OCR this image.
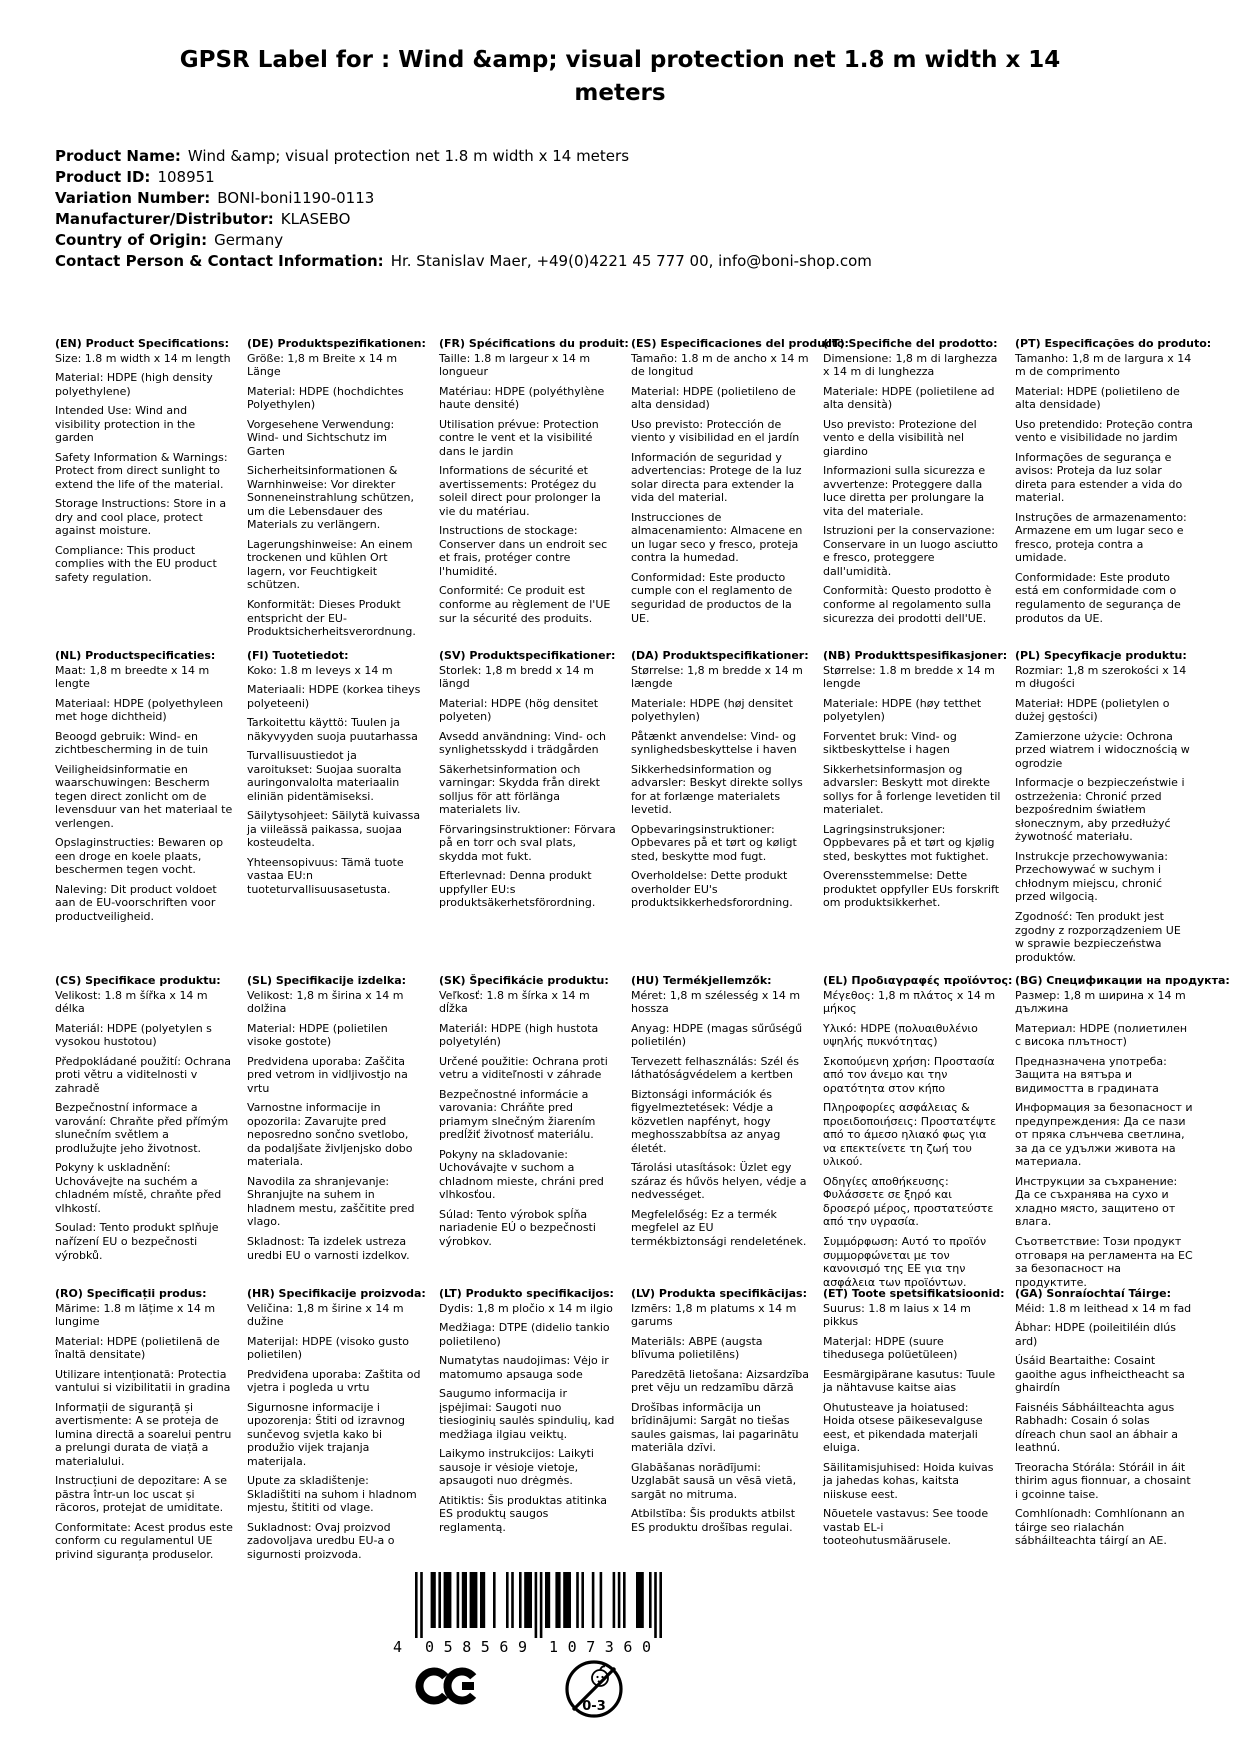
GPSR Label for : Wind &amp; visual protection net 1.8 m width x 14 meters
Product Name: Wind &amp; visual protection net 1.8 m width x 14 meters
Product ID: 108951
Variation Number: BONI-boni1190-0113
Manufacturer/Distributor: KLASEBO
Country of Origin: Germany
Contact Person & Contact Information: Hr. Stanislav Maer, +49(0)4221 45 777 00, info@boni-shop.com
(EN) Product Specifications:

Size: 1.8 m width x 14 m length

Material: HDPE (high density polyethylene)

Intended Use: Wind and visibility protection in the garden

Safety Information & Warnings: Protect from direct sunlight to extend the life of the material.

Storage Instructions: Store in a dry and cool place, protect against moisture.

Compliance: This product complies with the EU product safety regulation.

(DE) Produktspezifikationen:

Größe: 1,8 m Breite x 14 m Länge

Material: HDPE (hochdichtes Polyethylen)

Vorgesehene Verwendung: Wind- und Sichtschutz im Garten

Sicherheitsinformationen & Warnhinweise: Vor direkter Sonneneinstrahlung schützen, um die Lebensdauer des Materials zu verlängern.

Lagerungshinweise: An einem trockenen und kühlen Ort lagern, vor Feuchtigkeit schützen.

Konformität: Dieses Produkt entspricht der EU-Produktsicherheitsverordnung.

(FR) Spécifications du produit:

Taille: 1.8 m largeur x 14 m longueur

Matériau: HDPE (polyéthylène haute densité)

Utilisation prévue: Protection contre le vent et la visibilité dans le jardin

Informations de sécurité et avertissements: Protégez du soleil direct pour prolonger la vie du matériau.

Instructions de stockage: Conserver dans un endroit sec et frais, protéger contre l'humidité.

Conformité: Ce produit est conforme au règlement de l'UE sur la sécurité des produits.

(ES) Especificaciones del producto:

Tamaño: 1.8 m de ancho x 14 m de longitud

Material: HDPE (polietileno de alta densidad)

Uso previsto: Protección de viento y visibilidad en el jardín

Información de seguridad y advertencias: Protege de la luz solar directa para extender la vida del material.

Instrucciones de almacenamiento: Almacene en un lugar seco y fresco, proteja contra la humedad.

Conformidad: Este producto cumple con el reglamento de seguridad de productos de la UE.

(IT) Specifiche del prodotto:

Dimensione: 1,8 m di larghezza x 14 m di lunghezza

Materiale: HDPE (polietilene ad alta densità)

Uso previsto: Protezione del vento e della visibilità nel giardino

Informazioni sulla sicurezza e avvertenze: Proteggere dalla luce diretta per prolungare la vita del materiale.

Istruzioni per la conservazione: Conservare in un luogo asciutto e fresco, proteggere dall'umidità.

Conformità: Questo prodotto è conforme al regolamento sulla sicurezza dei prodotti dell'UE.

(PT) Especificações do produto:

Tamanho: 1,8 m de largura x 14 m de comprimento

Material: HDPE (polietileno de alta densidade)

Uso pretendido: Proteção contra vento e visibilidade no jardim

Informações de segurança e avisos: Proteja da luz solar direta para estender a vida do material.

Instruções de armazenamento: Armazene em um lugar seco e fresco, proteja contra a umidade.

Conformidade: Este produto está em conformidade com o regulamento de segurança de produtos da UE.

(NL) Productspecificaties:

Maat: 1,8 m breedte x 14 m lengte

Materiaal: HDPE (polyethyleen met hoge dichtheid)

Beoogd gebruik: Wind- en zichtbescherming in de tuin

Veiligheidsinformatie en waarschuwingen: Bescherm tegen direct zonlicht om de levensduur van het materiaal te verlengen.

Opslaginstructies: Bewaren op een droge en koele plaats, beschermen tegen vocht.

Naleving: Dit product voldoet aan de EU-voorschriften voor productveiligheid.

(FI) Tuotetiedot:

Koko: 1.8 m leveys x 14 m

Materiaali: HDPE (korkea tiheys polyeteeni)

Tarkoitettu käyttö: Tuulen ja näkyvyyden suoja puutarhassa

Turvallisuustiedot ja varoitukset: Suojaa suoralta auringonvalolta materiaalin eliniän pidentämiseksi.

Säilytysohjeet: Säilytä kuivassa ja viileässä paikassa, suojaa kosteudelta.

Yhteensopivuus: Tämä tuote vastaa EU:n tuoteturvallisuusasetusta.

(SV) Produktspecifikationer:

Storlek: 1,8 m bredd x 14 m längd

Material: HDPE (hög densitet polyeten)

Avsedd användning: Vind- och synlighetsskydd i trädgården

Säkerhetsinformation och varningar: Skydda från direkt solljus för att förlänga materialets liv.

Förvaringsinstruktioner: Förvara på en torr och sval plats, skydda mot fukt.

Efterlevnad: Denna produkt uppfyller EU:s produktsäkerhetsförordning.

(DA) Produktspecifikationer:

Størrelse: 1,8 m bredde x 14 m længde

Materiale: HDPE (høj densitet polyethylen)

Påtænkt anvendelse: Vind- og synlighedsbeskyttelse i haven

Sikkerhedsinformation og advarsler: Beskyt direkte sollys for at forlænge materialets levetid.

Opbevaringsinstruktioner: Opbevares på et tørt og køligt sted, beskytte mod fugt.

Overholdelse: Dette produkt overholder EU's produktsikkerhedsforordning.

(NB) Produkttspesifikasjoner:

Størrelse: 1.8 m bredde x 14 m lengde

Materiale: HDPE (høy tetthet polyetylen)

Forventet bruk: Vind- og siktbeskyttelse i hagen

Sikkerhetsinformasjon og advarsler: Beskytt mot direkte sollys for å forlenge levetiden til materialet.

Lagringsinstruksjoner: Oppbevares på et tørt og kjølig sted, beskyttes mot fuktighet.

Overensstemmelse: Dette produktet oppfyller EUs forskrift om produktsikkerhet.

(PL) Specyfikacje produktu:

Rozmiar: 1,8 m szerokości x 14 m długości

Materiał: HDPE (polietylen o dużej gęstości)

Zamierzone użycie: Ochrona przed wiatrem i widocznością w ogrodzie

Informacje o bezpieczeństwie i ostrzeżenia: Chronić przed bezpośrednim światłem słonecznym, aby przedłużyć żywotność materiału.

Instrukcje przechowywania: Przechowywać w suchym i chłodnym miejscu, chronić przed wilgocią.

Zgodność: Ten produkt jest zgodny z rozporządzeniem UE w sprawie bezpieczeństwa produktów.

(CS) Specifikace produktu:

Velikost: 1.8 m šířka x 14 m délka

Materiál: HDPE (polyetylen s vysokou hustotou)

Předpokládané použití: Ochrana proti větru a viditelnosti v zahradě

Bezpečnostní informace a varování: Chraňte před přímým slunečním světlem a prodlužujte jeho životnost.

Pokyny k uskladnění: Uchovávejte na suchém a chladném místě, chraňte před vlhkostí.

Soulad: Tento produkt splňuje nařízení EU o bezpečnosti výrobků.

(SL) Specifikacije izdelka:

Velikost: 1,8 m širina x 14 m dolžina

Material: HDPE (polietilen visoke gostote)

Predvidena uporaba: Zaščita pred vetrom in vidljivostjo na vrtu

Varnostne informacije in opozorila: Zavarujte pred neposredno sončno svetlobo, da podaljšate življenjsko dobo materiala.

Navodila za shranjevanje: Shranjujte na suhem in hladnem mestu, zaščitite pred vlago.

Skladnost: Ta izdelek ustreza uredbi EU o varnosti izdelkov.

(SK) Špecifikácie produktu:

Veľkosť: 1.8 m šírka x 14 m dĺžka

Materiál: HDPE (high hustota polyetylén)

Určené použitie: Ochrana proti vetru a viditeľnosti v záhrade

Bezpečnostné informácie a varovania: Chráňte pred priamym slnečným žiarením predĺžiť životnosť materiálu.

Pokyny na skladovanie: Uchovávajte v suchom a chladnom mieste, chráni pred vlhkosťou.

Súlad: Tento výrobok spĺňa nariadenie EÚ o bezpečnosti výrobkov.

(HU) Termékjellemzők:

Méret: 1,8 m szélesség x 14 m hossza

Anyag: HDPE (magas sűrűségű polietilén)

Tervezett felhasználás: Szél és láthatóságvédelem a kertben

Biztonsági információk és figyelmeztetések: Védje a közvetlen napfényt, hogy meghosszabbítsa az anyag életét.

Tárolási utasítások: Üzlet egy száraz és hűvös helyen, védje a nedvességet.

Megfelelőség: Ez a termék megfelel az EU termékbiztonsági rendeletének.

(EL) Προδιαγραφές προϊόντος:

Μέγεθος: 1,8 m πλάτος x 14 m μήκος

Υλικό: HDPE (πολυαιθυλένιο υψηλής πυκνότητας)

Σκοπούμενη χρήση: Προστασία από τον άνεμο και την ορατότητα στον κήπο

Πληροφορίες ασφάλειας & προειδοποιήσεις: Προστατέψτε από το άμεσο ηλιακό φως για να επεκτείνετε τη ζωή του υλικού.

Οδηγίες αποθήκευσης: Φυλάσσετε σε ξηρό και δροσερό μέρος, προστατεύστε από την υγρασία.

Συμμόρφωση: Αυτό το προϊόν συμμορφώνεται με τον κανονισμό της ΕΕ για την ασφάλεια των προϊόντων.

(BG) Спецификации на продукта:

Размер: 1,8 m ширина x 14 m дължина

Материал: HDPE (полиетилен с висока плътност)

Предназначена употреба: Защита на вятъра и видимостта в градината

Информация за безопасност и предупреждения: Да се пази от пряка слънчева светлина, за да се удължи живота на материала.

Инструкции за съхранение: Да се съхранява на сухо и хладно място, защитено от влага.

Съответствие: Този продукт отговаря на регламента на ЕС за безопасност на продуктите.

(RO) Specificații produs:

Mărime: 1.8 m lățime x 14 m lungime

Material: HDPE (polietilenă de înaltă densitate)

Utilizare intenționată: Protectia vantului si vizibilitatii in gradina

Informații de siguranță și avertismente: A se proteja de lumina directă a soarelui pentru a prelungi durata de viață a materialului.

Instrucțiuni de depozitare: A se păstra într-un loc uscat și răcoros, protejat de umiditate.

Conformitate: Acest produs este conform cu regulamentul UE privind siguranța produselor.

(HR) Specifikacije proizvoda:

Veličina: 1,8 m širine x 14 m dužine

Materijal: HDPE (visoko gusto polietilen)

Predviđena uporaba: Zaštita od vjetra i pogleda u vrtu

Sigurnosne informacije i upozorenja: Štiti od izravnog sunčevog svjetla kako bi produžio vijek trajanja materijala.

Upute za skladištenje: Skladištiti na suhom i hladnom mjestu, štititi od vlage.

Sukladnost: Ovaj proizvod zadovoljava uredbu EU-a o sigurnosti proizvoda.

(LT) Produkto specifikacijos:

Dydis: 1,8 m pločio x 14 m ilgio

Medžiaga: DTPE (didelio tankio polietileno)

Numatytas naudojimas: Vėjo ir matomumo apsauga sode

Saugumo informacija ir įspėjimai: Saugoti nuo tiesioginių saulės spindulių, kad medžiaga ilgiau veiktų.

Laikymo instrukcijos: Laikyti sausoje ir vėsioje vietoje, apsaugoti nuo drėgmės.

Atitiktis: Šis produktas atitinka ES produktų saugos reglamentą.

(LV) Produkta specifikācijas:

Izmērs: 1,8 m platums x 14 m garums

Materiāls: ABPE (augsta blīvuma polietilēns)

Paredzētā lietošana: Aizsardzība pret vēju un redzamību dārzā

Drošības informācija un brīdinājumi: Sargāt no tiešas saules gaismas, lai pagarinātu materiāla dzīvi.

Glabāšanas norādījumi: Uzglabāt sausā un vēsā vietā, sargāt no mitruma.

Atbilstība: Šis produkts atbilst ES produktu drošības regulai.

(ET) Toote spetsifikatsioonid:

Suurus: 1.8 m laius x 14 m pikkus

Materjal: HDPE (suure tihedusega polüetüleen)

Eesmärgipärane kasutus: Tuule ja nähtavuse kaitse aias

Ohutusteave ja hoiatused: Hoida otsese päikesevalguse eest, et pikendada materjali eluiga.

Säilitamisjuhised: Hoida kuivas ja jahedas kohas, kaitsta niiskuse eest.

Nõuetele vastavus: See toode vastab EL-i tooteohutusmäärusele.

(GA) Sonraíochtaí Táirge:

Méid: 1.8 m leithead x 14 m fad

Ábhar: HDPE (poileitiléin dlús ard)

Úsáid Beartaithe: Cosaint gaoithe agus infheictheacht sa ghairdín

Faisnéis Sábháilteachta agus Rabhadh: Cosain ó solas díreach chun saol an ábhair a leathnú.

Treoracha Stórála: Stóráil in áit thirim agus fionnuar, a chosaint i gcoinne taise.

Comhlíonadh: Comhlíonann an táirge seo rialachán sábháilteachta táirgí an AE.

4 058569 107360
0-3
